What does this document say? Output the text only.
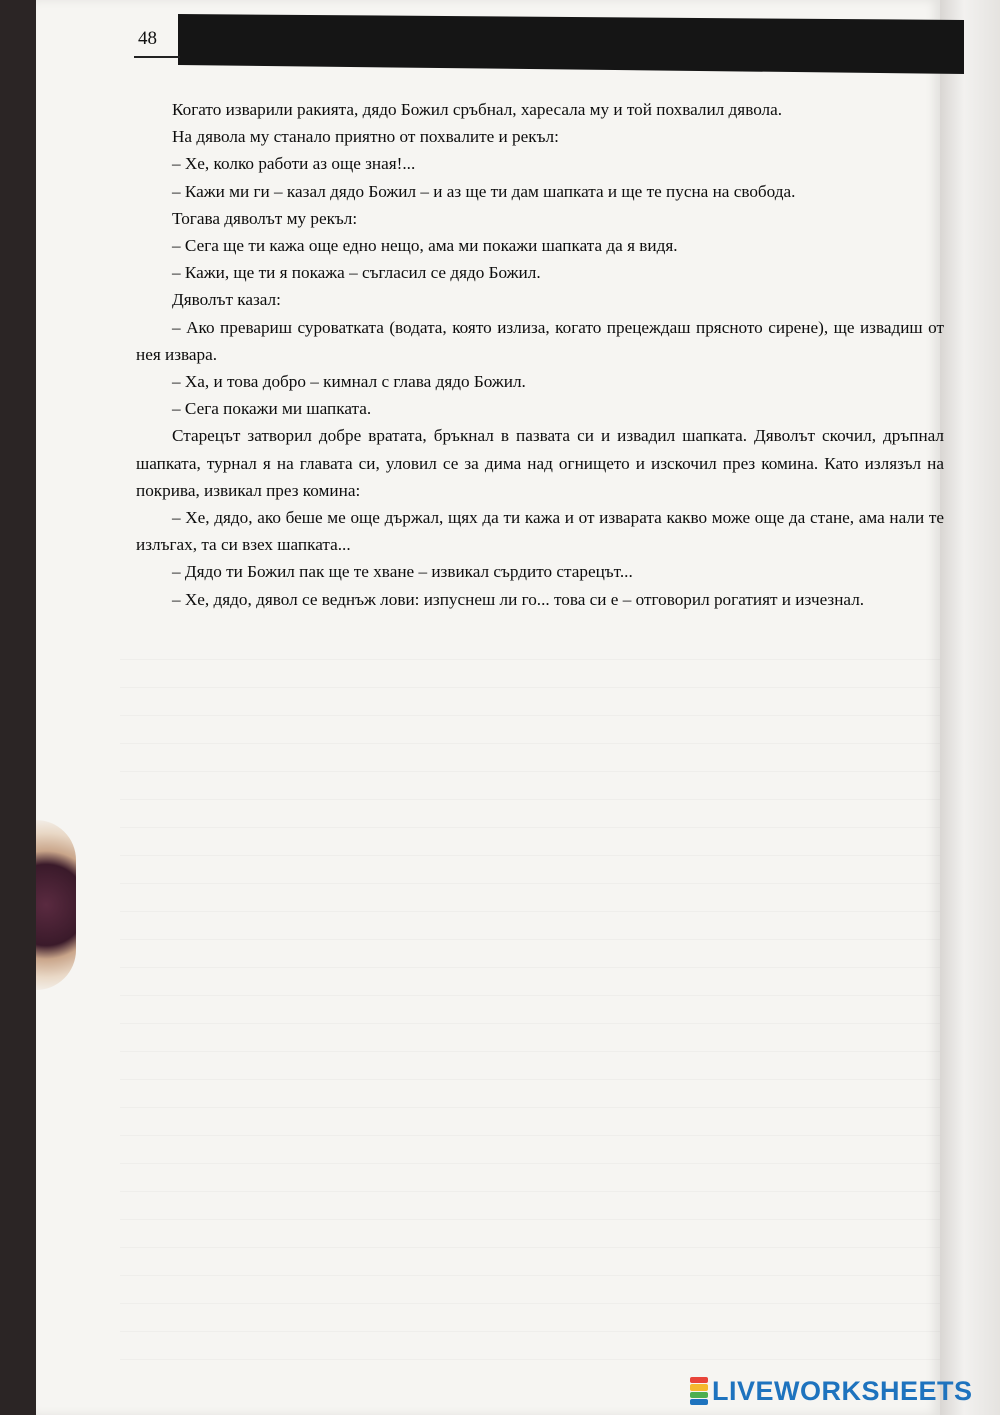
48

Когато изварили ракията, дядо Божил сръбнал, харесала му и той похвалил дявола.

На дявола му станало приятно от похвалите и рекъл:

– Хе, колко работи аз още зная!...

– Кажи ми ги – казал дядо Божил – и аз ще ти дам шапката и ще те пусна на свобода.

Тогава дяволът му рекъл:

– Сега ще ти кажа още едно нещо, ама ми покажи шапката да я видя.

– Кажи, ще ти я покажа – съгласил се дядо Божил.

Дяволът казал:

– Ако превариш суроватката (водата, която излиза, когато прецеждаш прясното сирене), ще извадиш от нея извара.

– Ха, и това добро – кимнал с глава дядо Божил.

– Сега покажи ми шапката.

Старецът затворил добре вратата, бръкнал в пазвата си и извадил шапката. Дяволът скочил, дръпнал шапката, турнал я на главата си, уловил се за дима над огнището и изскочил през комина. Като излязъл на покрива, извикал през комина:

– Хе, дядо, ако беше ме още държал, щях да ти кажа и от изварата какво може още да стане, ама нали те излъгах, та си взех шапката...

– Дядо ти Божил пак ще те хване – извикал сърдито старецът...

– Хе, дядо, дявол се веднъж лови: изпуснеш ли го... това си е – отговорил рогатият и изчезнал.

LIVEWORKSHEETS
